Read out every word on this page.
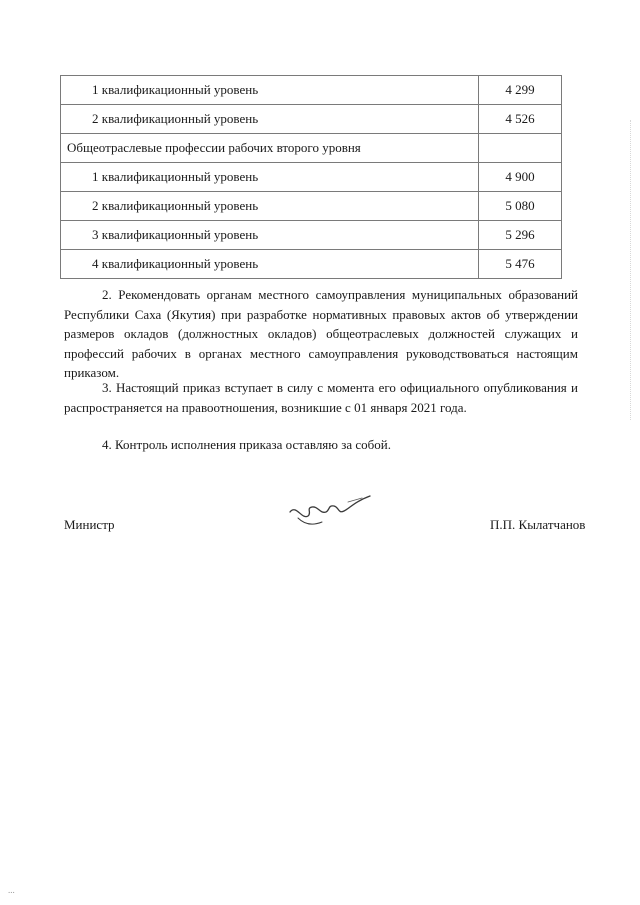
1 квалификационный уровень	4 299
2 квалификационный уровень	4 526
Общеотраслевые профессии рабочих второго уровня	
1 квалификационный уровень	4 900
2 квалификационный уровень	5 080
3 квалификационный уровень	5 296
4 квалификационный уровень	5 476

2. Рекомендовать органам местного самоуправления муниципальных образований Республики Саха (Якутия) при разработке нормативных правовых актов об утверждении размеров окладов (должностных окладов) общеотраслевых должностей служащих и профессий рабочих в органах местного самоуправления руководствоваться настоящим приказом.

3. Настоящий приказ вступает в силу с момента его официального опубликования и распространяется на правоотношения, возникшие с 01 января 2021 года.

4. Контроль исполнения приказа оставляю за собой.

Министр	П.П. Кылатчанов
...
